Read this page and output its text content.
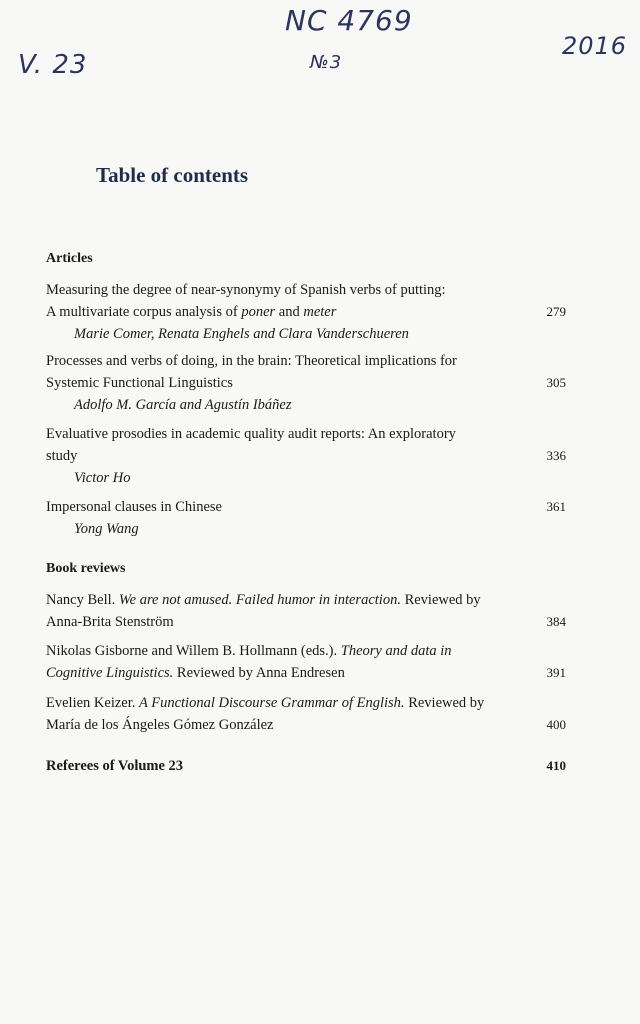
NC 4769
№3
V. 23
2016
Table of contents
Articles
Measuring the degree of near-synonymy of Spanish verbs of putting:
A multivariate corpus analysis of poner and meter	279
Marie Comer, Renata Enghels and Clara Vanderschueren
Processes and verbs of doing, in the brain: Theoretical implications for
Systemic Functional Linguistics	305
Adolfo M. García and Agustín Ibáñez
Evaluative prosodies in academic quality audit reports: An exploratory
study	336
Victor Ho
Impersonal clauses in Chinese	361
Yong Wang
Book reviews
Nancy Bell. We are not amused. Failed humor in interaction. Reviewed by
Anna-Brita Stenström	384
Nikolas Gisborne and Willem B. Hollmann (eds.). Theory and data in
Cognitive Linguistics. Reviewed by Anna Endresen	391
Evelien Keizer. A Functional Discourse Grammar of English. Reviewed by
María de los Ángeles Gómez González	400
Referees of Volume 23	410
